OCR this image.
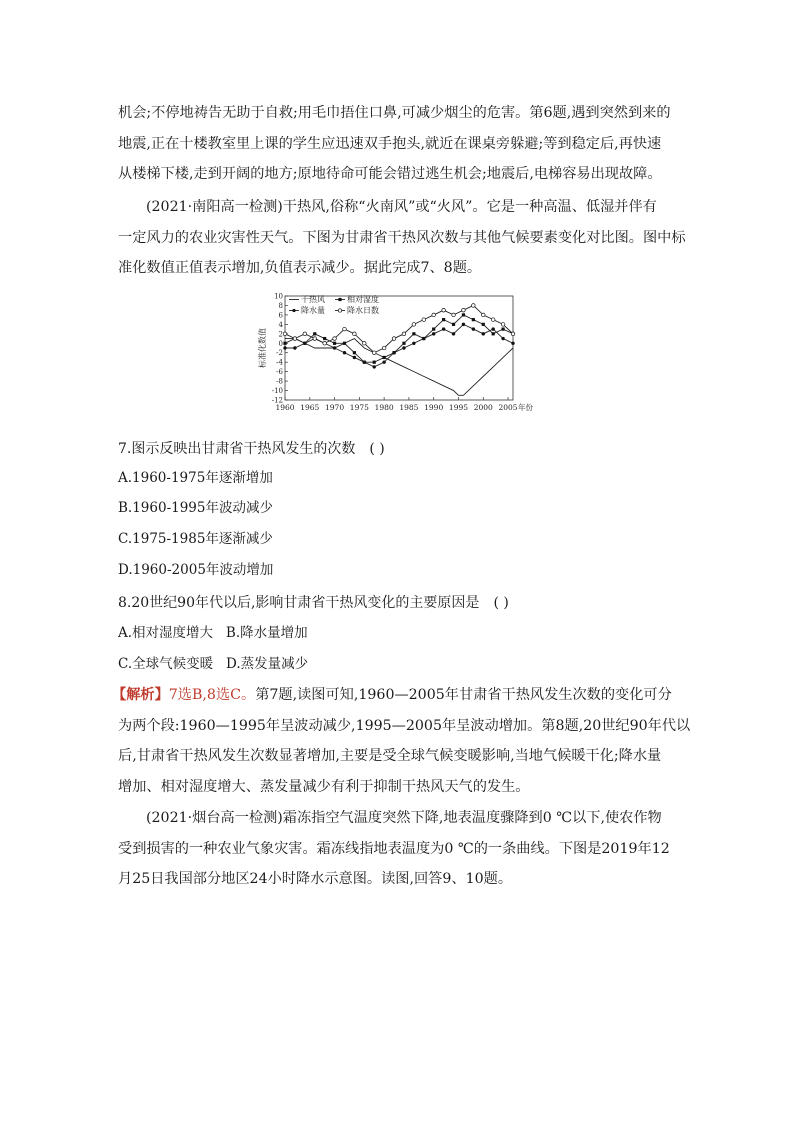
机会;不停地祷告无助于自救;用毛巾捂住口鼻,可减少烟尘的危害。第6题,遇到突然到来的
地震,正在十楼教室里上课的学生应迅速双手抱头,就近在课桌旁躲避;等到稳定后,再快速
从楼梯下楼,走到开阔的地方;原地待命可能会错过逃生机会;地震后,电梯容易出现故障。
(2021·南阳高一检测)干热风,俗称“火南风”或“火风”。它是一种高温、低湿并伴有
一定风力的农业灾害性天气。下图为甘肃省干热风次数与其他气候要素变化对比图。图中标
准化数值正值表示增加,负值表示减少。据此完成7、8题。
10
8
6
4
2
0
-2
-4
-6
-8
-10
-12
1960 1965 1970 1975 1980 1985 1990 1995 2000 2005 年份
干热风	相对湿度
降水量	降水日数
标准化数值
7.图示反映出甘肃省干热风发生的次数 ( )
A.1960-1975年逐渐增加
B.1960-1995年波动减少
C.1975-1985年逐渐减少
D.1960-2005年波动增加
8.20世纪90年代以后,影响甘肃省干热风变化的主要原因是 ( )
A.相对湿度增大   B.降水量增加
C.全球气候变暖   D.蒸发量减少
【解析】7选B,8选C。第7题,读图可知,1960—2005年甘肃省干热风发生次数的变化可分
为两个段:1960—1995年呈波动减少,1995—2005年呈波动增加。第8题,20世纪90年代以
后,甘肃省干热风发生次数显著增加,主要是受全球气候变暖影响,当地气候暖干化;降水量
增加、相对湿度增大、蒸发量减少有利于抑制干热风天气的发生。
(2021·烟台高一检测)霜冻指空气温度突然下降,地表温度骤降到0 ℃以下,使农作物
受到损害的一种农业气象灾害。霜冻线指地表温度为0 ℃的一条曲线。下图是2019年12
月25日我国部分地区24小时降水示意图。读图,回答9、10题。
